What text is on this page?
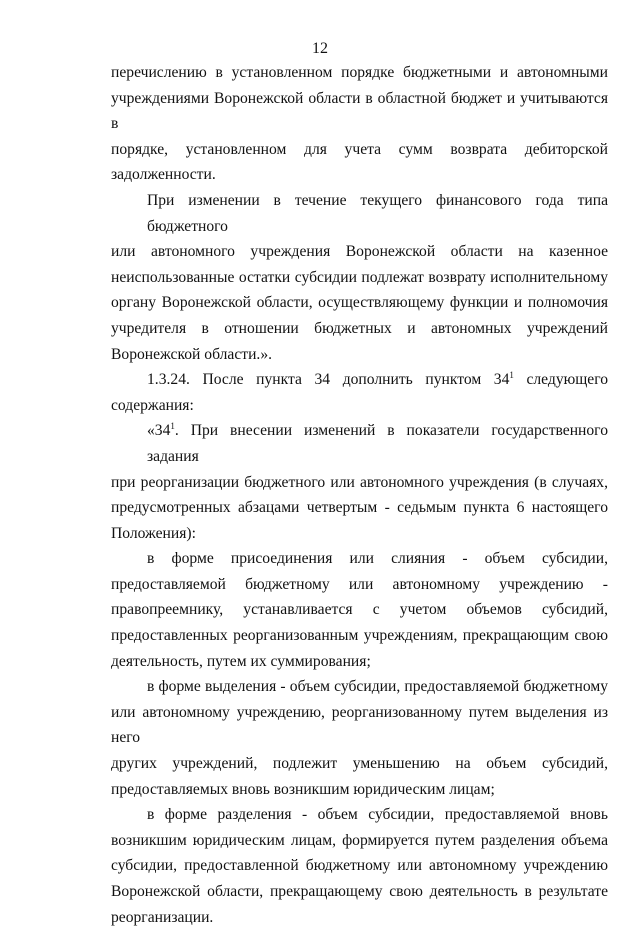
12

перечислению в установленном порядке бюджетными и автономными
учреждениями Воронежской области в областной бюджет и учитываются в
порядке, установленном для учета сумм возврата дебиторской
задолженности.

При изменении в течение текущего финансового года типа бюджетного
или автономного учреждения Воронежской области на казенное
неиспользованные остатки субсидии подлежат возврату исполнительному
органу Воронежской области, осуществляющему функции и полномочия
учредителя в отношении бюджетных и автономных учреждений
Воронежской области.».

1.3.24. После пункта 34 дополнить пунктом $34^1$ следующего
содержания:

«$34^1$. При внесении изменений в показатели государственного задания
при реорганизации бюджетного или автономного учреждения (в случаях,
предусмотренных абзацами четвертым - седьмым пункта 6 настоящего
Положения):

в форме присоединения или слияния - объем субсидии,
предоставляемой бюджетному или автономному учреждению -
правопреемнику, устанавливается с учетом объемов субсидий,
предоставленных реорганизованным учреждениям, прекращающим свою
деятельность, путем их суммирования;

в форме выделения - объем субсидии, предоставляемой бюджетному
или автономному учреждению, реорганизованному путем выделения из него
других учреждений, подлежит уменьшению на объем субсидий,
предоставляемых вновь возникшим юридическим лицам;

в форме разделения - объем субсидии, предоставляемой вновь
возникшим юридическим лицам, формируется путем разделения объема
субсидии, предоставленной бюджетному или автономному учреждению
Воронежской области, прекращающему свою деятельность в результате
реорганизации.
